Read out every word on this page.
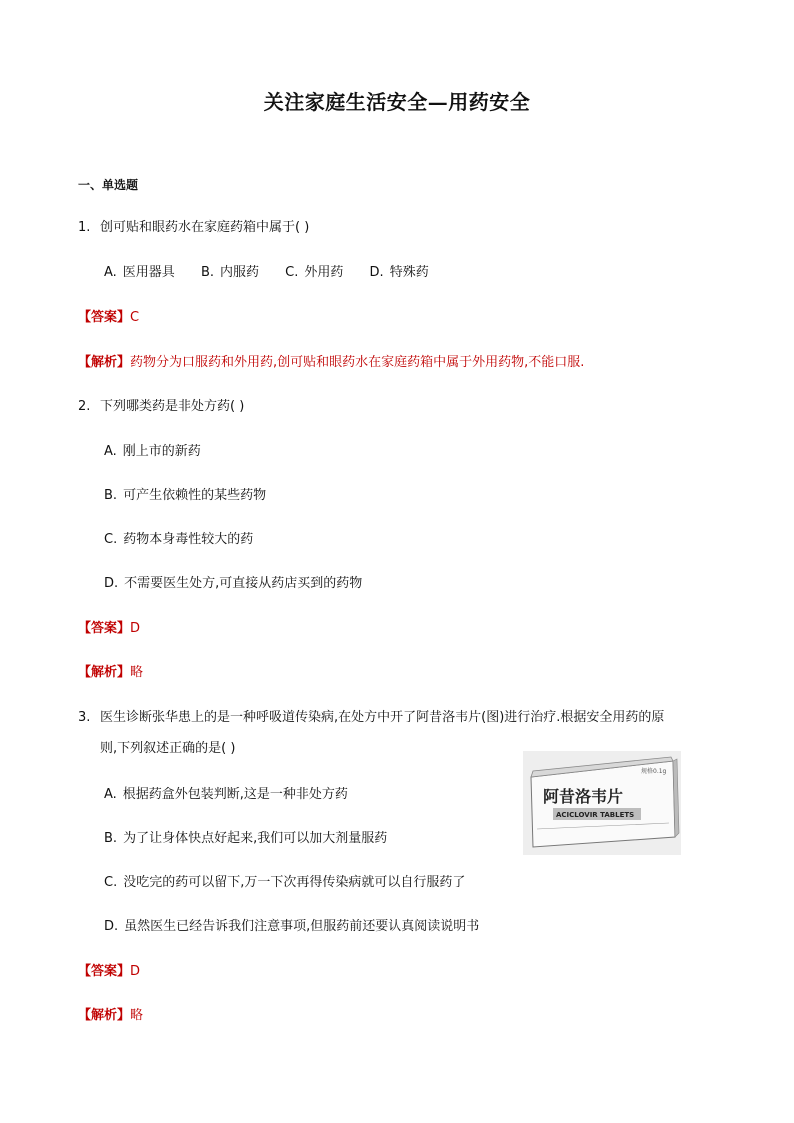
关注家庭生活安全—用药安全
一、单选题
1. 创可贴和眼药水在家庭药箱中属于( )
A. 医用器具 B. 内服药 C. 外用药 D. 特殊药
【答案】C
【解析】药物分为口服药和外用药,创可贴和眼药水在家庭药箱中属于外用药物,不能口服.
2. 下列哪类药是非处方药( )
A. 刚上市的新药
B. 可产生依赖性的某些药物
C. 药物本身毒性较大的药
D. 不需要医生处方,可直接从药店买到的药物
【答案】D
【解析】略
3. 医生诊断张华患上的是一种呼吸道传染病,在处方中开了阿昔洛韦片(图)进行治疗.根据安全用药的原
则,下列叙述正确的是( )
规格0.1g
阿昔洛韦片
ACICLOVIR TABLETS
A. 根据药盒外包装判断,这是一种非处方药
B. 为了让身体快点好起来,我们可以加大剂量服药
C. 没吃完的药可以留下,万一下次再得传染病就可以自行服药了
D. 虽然医生已经告诉我们注意事项,但服药前还要认真阅读说明书
【答案】D
【解析】略
